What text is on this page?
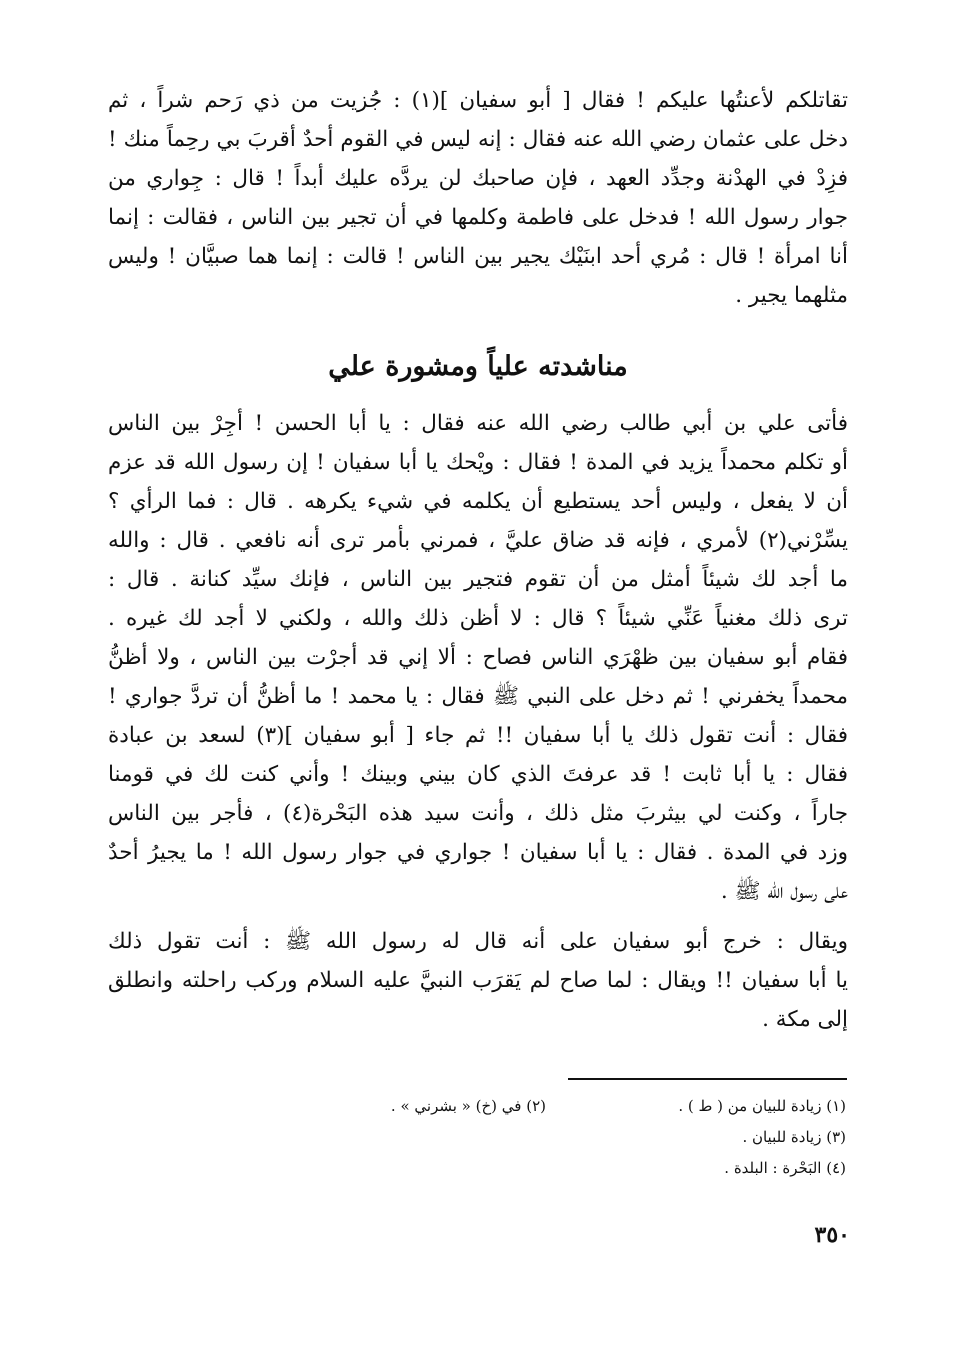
تقاتلكم لأعنتُها عليكم ! فقال [ أبو سفيان ](١) : جُزيت من ذي رَحم شراً ، ثم
دخل على عثمان رضي الله عنه فقال : إنه ليس في القوم أحدٌ أقربَ بي رحِماً منك !
فزِدْ في الهدْنة وجدِّد العهد ، فإن صاحبك لن يردَّه عليك أبداً ! قال : جِواري من
جوار رسول الله ! فدخل على فاطمة وكلمها في أن تجير بين الناس ، فقالت : إنما
أنا امرأة ! قال : مُري أحد ابنَيْك يجير بين الناس ! قالت : إنما هما صبيَّان ! وليس
مثلهما يجير .
مناشدته علياً ومشورة علي
فأتى علي بن أبي طالب رضي الله عنه فقال : يا أبا الحسن ! أجِرْ بين الناس
أو تكلم محمداً يزيد في المدة ! فقال : ويْحك يا أبا سفيان ! إن رسول الله قد عزم
أن لا يفعل ، وليس أحد يستطيع أن يكلمه في شيء يكرهه . قال : فما الرأي ؟
يسِّرْني(٢) لأمري ، فإنه قد ضاق عليَّ ، فمرني بأمر ترى أنه نافعي . قال : والله
ما أجد لك شيئاً أمثل من أن تقوم فتجير بين الناس ، فإنك سيِّد كنانة . قال :
ترى ذلك مغنياً عَنِّي شيئاً ؟ قال : لا أظن ذلك والله ، ولكني لا أجد لك غيره .
فقام أبو سفيان بين ظهْرَي الناس فصاح : ألا إني قد أجرْت بين الناس ، ولا أظنُّ
محمداً يخفرني ! ثم دخل على النبي ﷺ فقال : يا محمد ! ما أظنُّ أن تردَّ جواري !
فقال : أنت تقول ذلك يا أبا سفيان !! ثم جاء [ أبو سفيان ](٣) لسعد بن عبادة
فقال : يا أبا ثابت ! قد عرفتَ الذي كان بيني وبينك ! وأني كنت لك في قومنا
جاراً ، وكنت لي بيثربَ مثل ذلك ، وأنت سيد هذه البَحْرة(٤) ، فأجر بين الناس
وزد في المدة . فقال : يا أبا سفيان ! جواري في جوار رسول الله ! ما يجيرُ أحدٌ
على رسول الله ﷺ .
ويقال : خرج أبو سفيان على أنه قال له رسول الله ﷺ : أنت تقول ذلك
يا أبا سفيان !! ويقال : لما صاح لم يَقرَب النبيَّ عليه السلام وركب راحلته وانطلق
إلى مكة .
(١) زيادة للبيان من ( ط ) .
(٢) في (خ) « بشرني » .
(٣) زيادة للبيان .
(٤) البَحْرة : البلدة .
٣٥٠
